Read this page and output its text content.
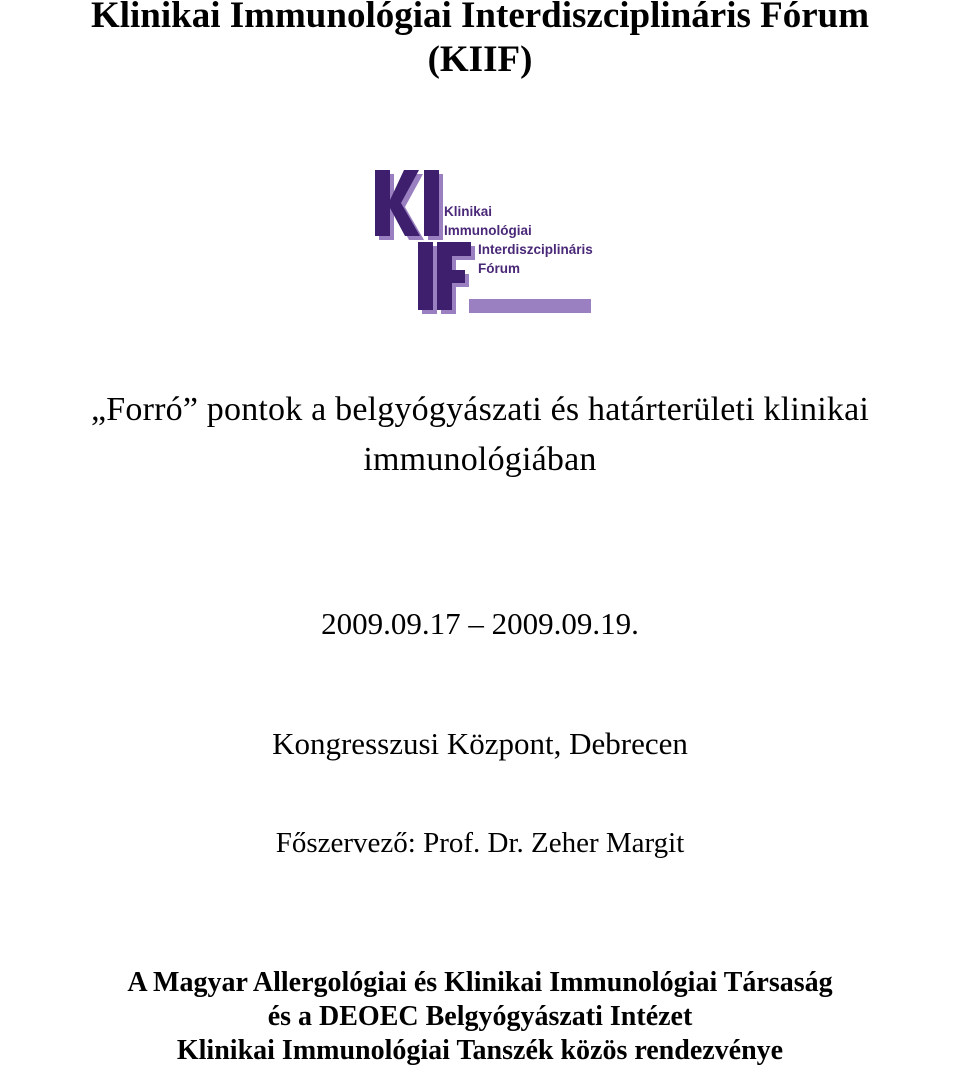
Klinikai Immunológiai Interdiszciplináris Fórum
(KIIF)
Klinikai
Immunológiai
Interdiszciplináris
Fórum
„Forró” pontok a belgyógyászati és határterületi klinikai
immunológiában
2009.09.17 – 2009.09.19.
Kongresszusi Központ, Debrecen
Főszervező: Prof. Dr. Zeher Margit
A Magyar Allergológiai és Klinikai Immunológiai Társaság
és a DEOEC Belgyógyászati Intézet
Klinikai Immunológiai Tanszék közös rendezvénye
